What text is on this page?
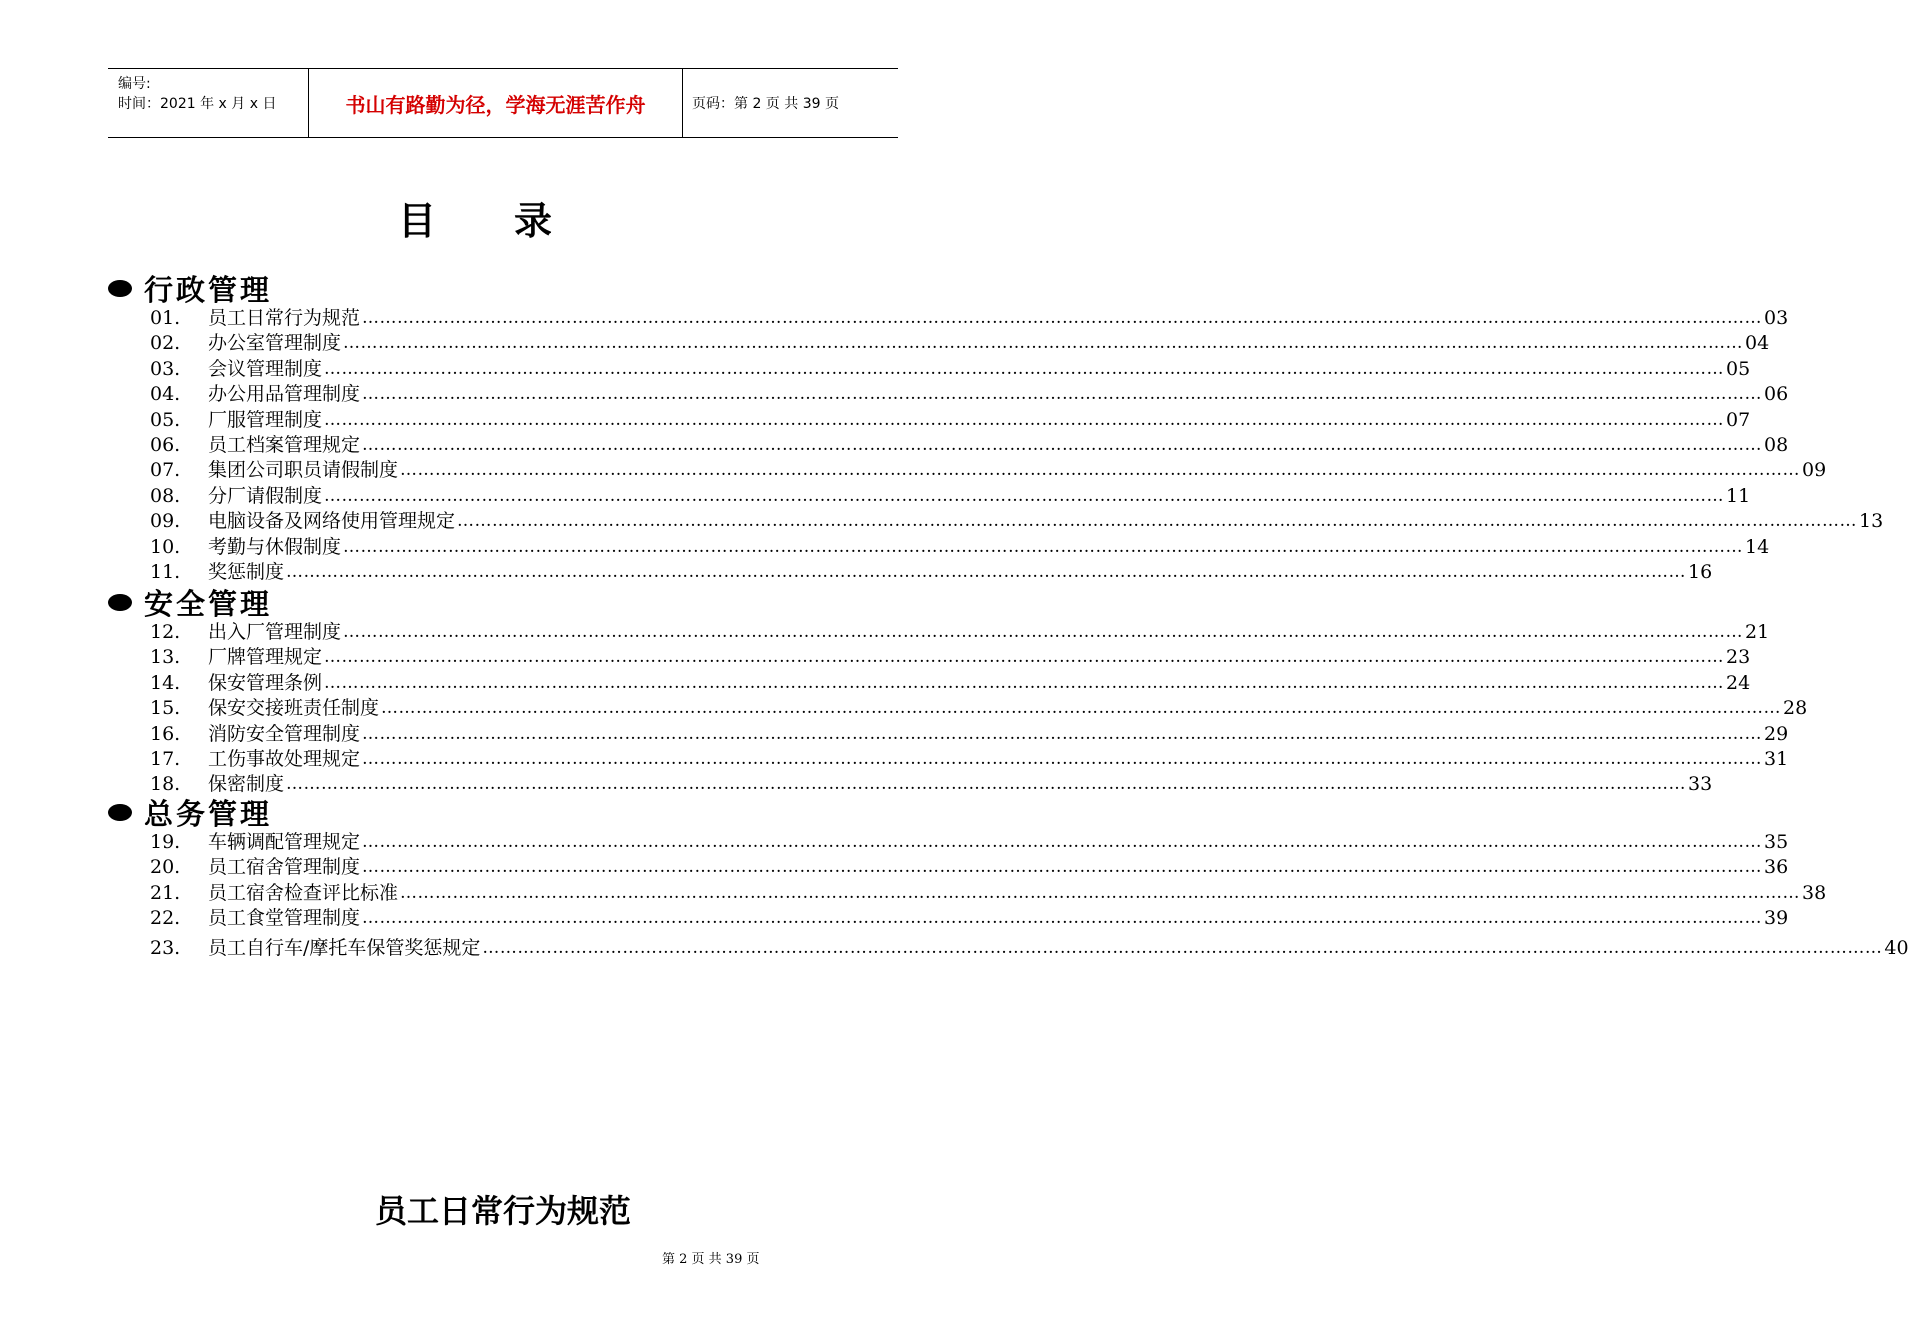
编号:
时间：2021 年 x 月 x 日	书山有路勤为径，学海无涯苦作舟	页码：第 2 页 共 39 页
目录
行政管理
01.	员工日常行为规范 …………………………………………………………………………………………………………………………………………………………………………………………………………………… 03
02.	办公室管理制度 …………………………………………………………………………………………………………………………………………………………………………………………………………………… 04
03.	会议管理制度 …………………………………………………………………………………………………………………………………………………………………………………………………………………… 05
04.	办公用品管理制度 …………………………………………………………………………………………………………………………………………………………………………………………………………………… 06
05.	厂服管理制度 …………………………………………………………………………………………………………………………………………………………………………………………………………………… 07
06.	员工档案管理规定 …………………………………………………………………………………………………………………………………………………………………………………………………………………… 08
07.	集团公司职员请假制度 …………………………………………………………………………………………………………………………………………………………………………………………………………………… 09
08.	分厂请假制度 …………………………………………………………………………………………………………………………………………………………………………………………………………………… 11
09.	电脑设备及网络使用管理规定 …………………………………………………………………………………………………………………………………………………………………………………………………………………… 13
10.	考勤与休假制度 …………………………………………………………………………………………………………………………………………………………………………………………………………………… 14
11.	奖惩制度 …………………………………………………………………………………………………………………………………………………………………………………………………………………… 16
安全管理
12.	出入厂管理制度 …………………………………………………………………………………………………………………………………………………………………………………………………………………… 21
13.	厂牌管理规定 …………………………………………………………………………………………………………………………………………………………………………………………………………………… 23
14.	保安管理条例 …………………………………………………………………………………………………………………………………………………………………………………………………………………… 24
15.	保安交接班责任制度 …………………………………………………………………………………………………………………………………………………………………………………………………………………… 28
16.	消防安全管理制度 …………………………………………………………………………………………………………………………………………………………………………………………………………………… 29
17.	工伤事故处理规定 …………………………………………………………………………………………………………………………………………………………………………………………………………………… 31
18.	保密制度 …………………………………………………………………………………………………………………………………………………………………………………………………………………… 33
总务管理
19.	车辆调配管理规定 …………………………………………………………………………………………………………………………………………………………………………………………………………………… 35
20.	员工宿舍管理制度 …………………………………………………………………………………………………………………………………………………………………………………………………………………… 36
21.	员工宿舍检查评比标准 …………………………………………………………………………………………………………………………………………………………………………………………………………………… 38
22.	员工食堂管理制度 …………………………………………………………………………………………………………………………………………………………………………………………………………………… 39
23.	员工自行车/摩托车保管奖惩规定 …………………………………………………………………………………………………………………………………………………………………………………………………………………… 40
员工日常行为规范
第 2 页 共 39 页
